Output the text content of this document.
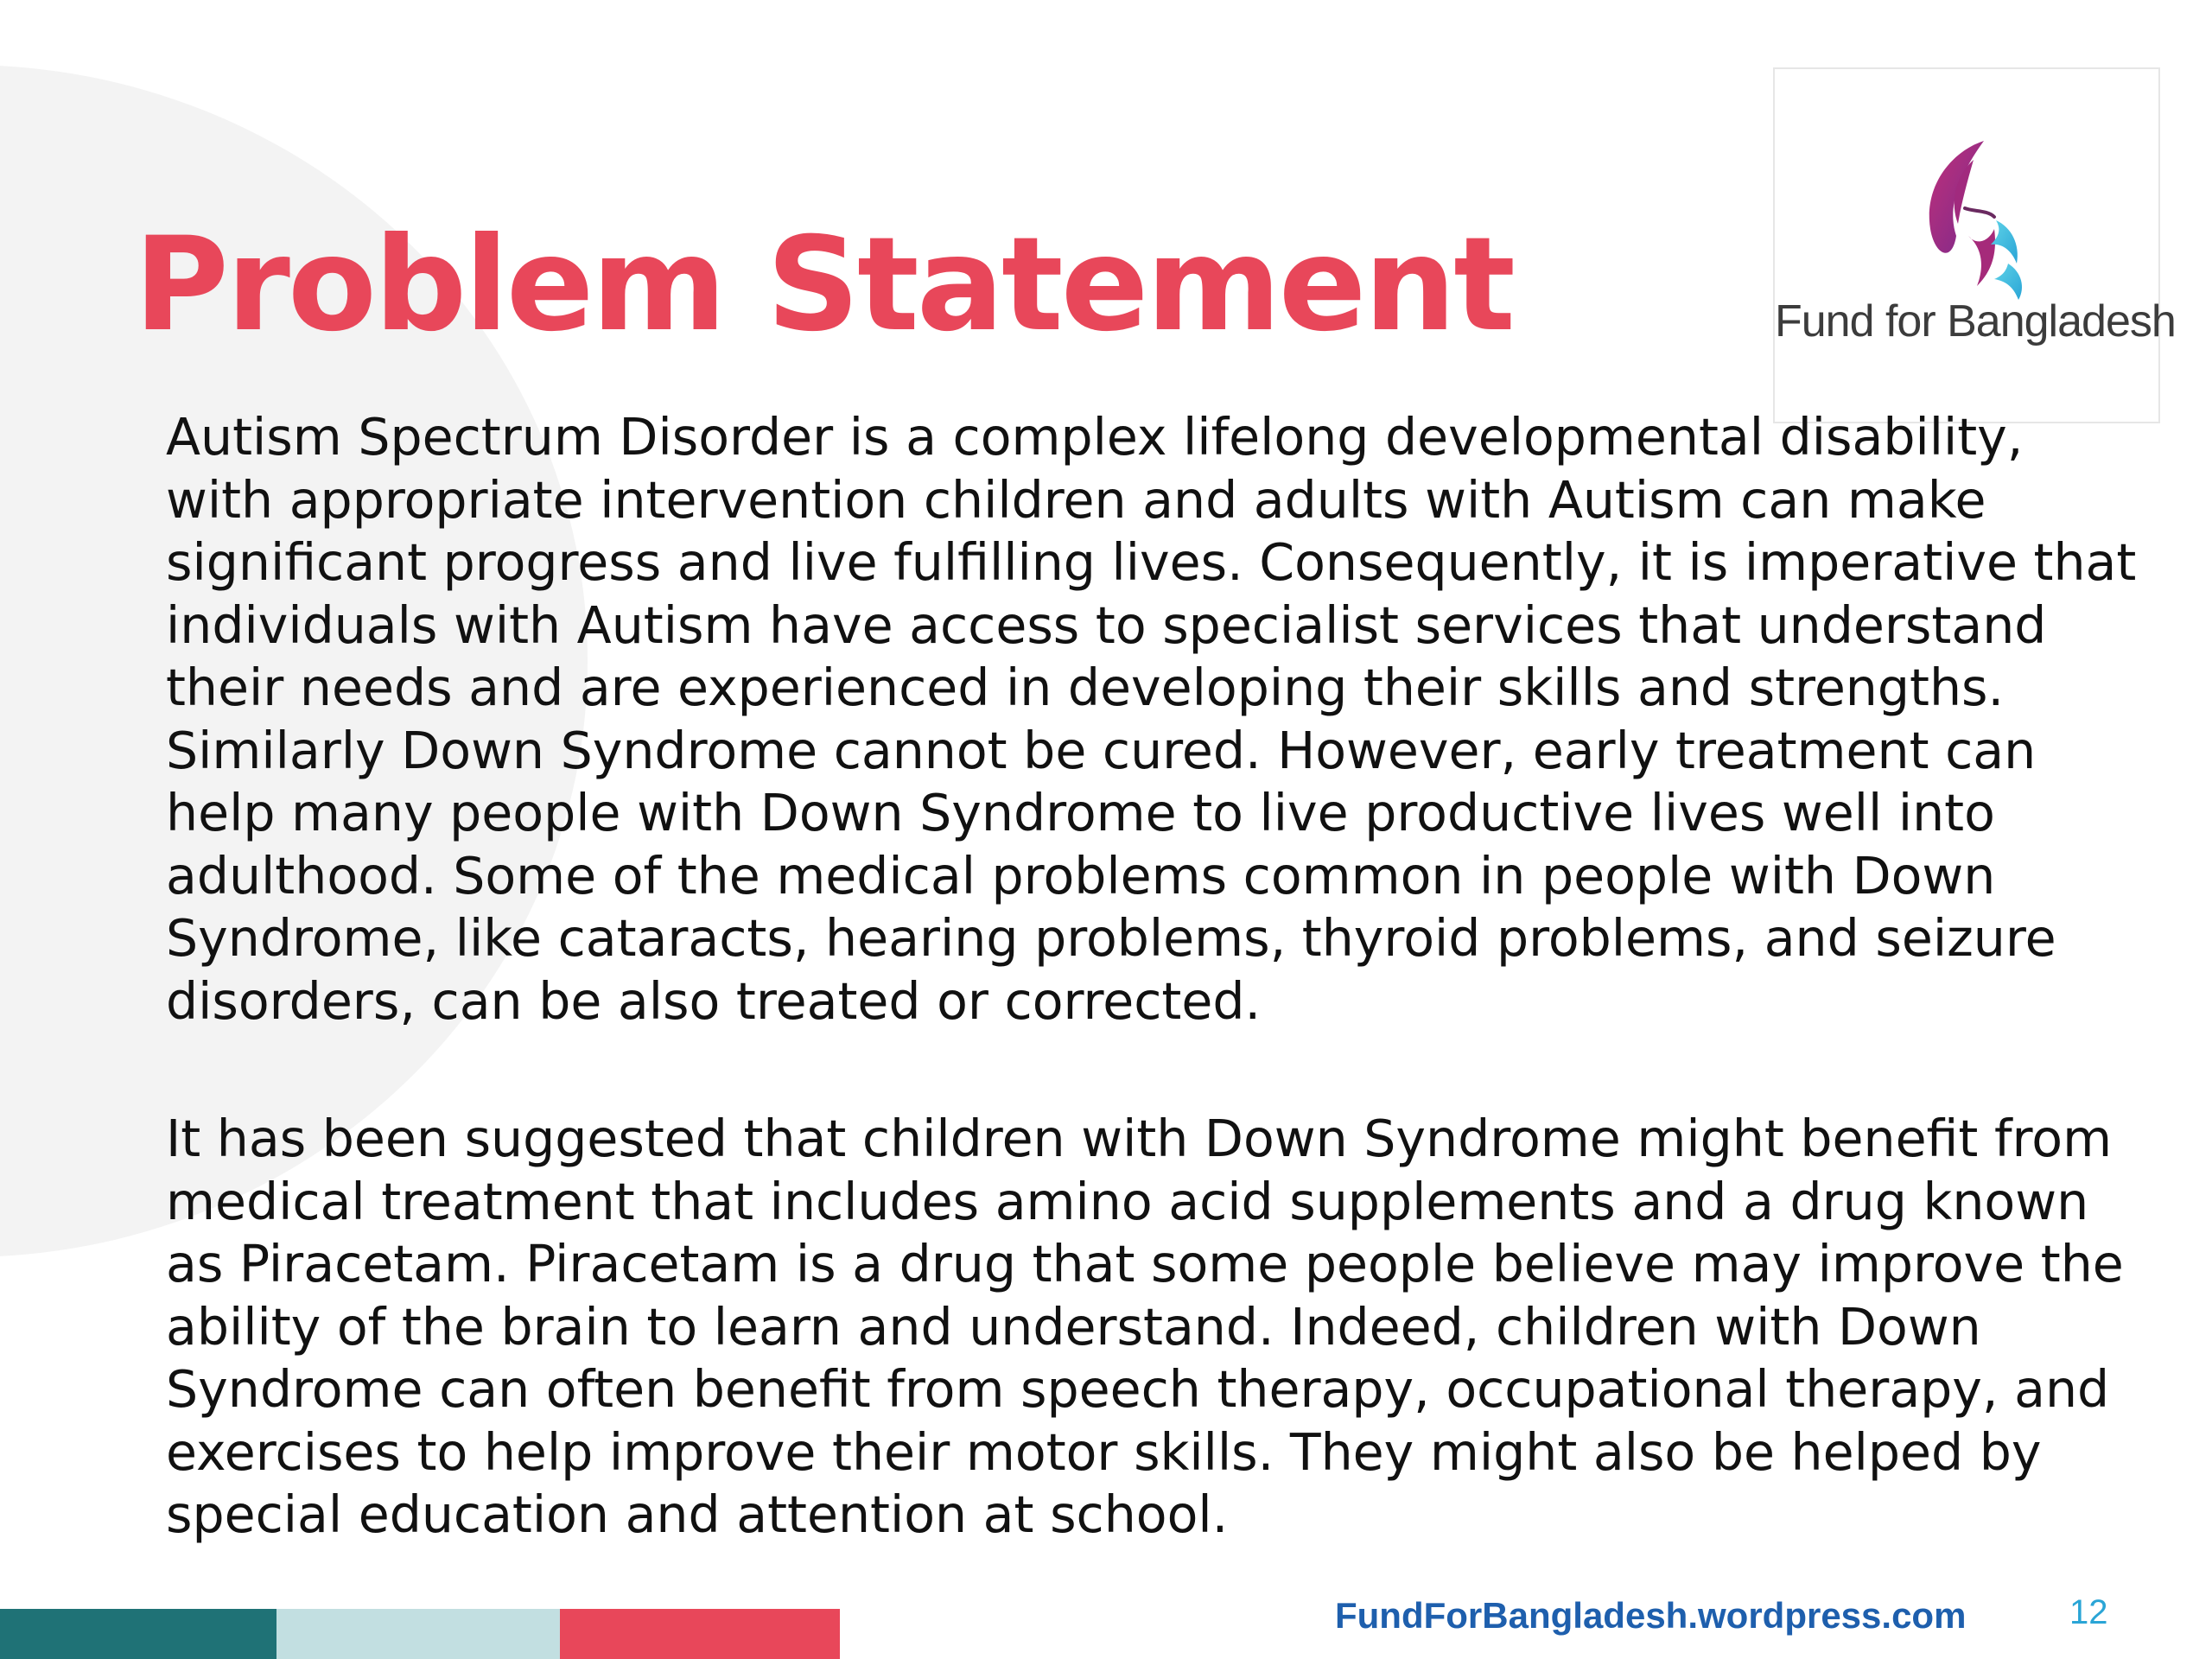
Problem Statement	Fund for Bangladesh

Autism Spectrum Disorder is a complex lifelong developmental disability, with appropriate intervention children and adults with Autism can make significant progress and live fulfilling lives. Consequently, it is imperative that individuals with Autism have access to specialist services that understand their needs and are experienced in developing their skills and strengths. Similarly Down Syndrome cannot be cured. However, early treatment can help many people with Down Syndrome to live productive lives well into adulthood. Some of the medical problems common in people with Down Syndrome, like cataracts, hearing problems, thyroid problems, and seizure disorders, can be also treated or corrected.

It has been suggested that children with Down Syndrome might benefit from medical treatment that includes amino acid supplements and a drug known as Piracetam. Piracetam is a drug that some people believe may improve the ability of the brain to learn and understand. Indeed, children with Down Syndrome can often benefit from speech therapy, occupational therapy, and exercises to help improve their motor skills. They might also be helped by special education and attention at school.

FundForBangladesh.wordpress.com	12
